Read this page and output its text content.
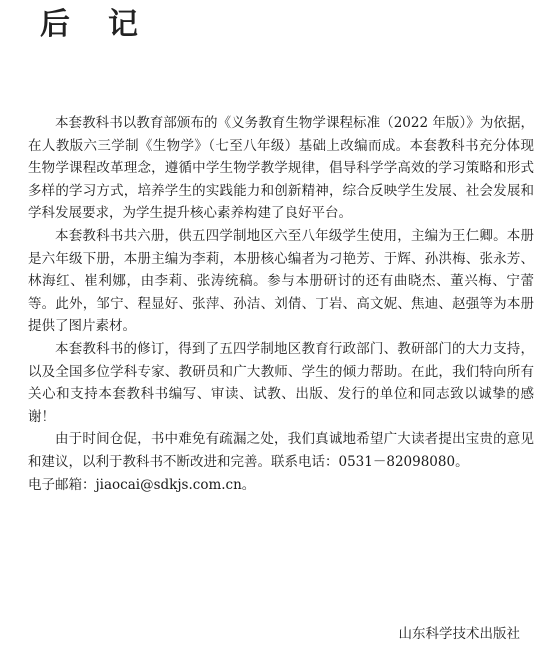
后记

本套教科书以教育部颁布的《义务教育生物学课程标准（2022 年版）》为依据，在人教版六三学制《生物学》（七至八年级）基础上改编而成。本套教科书充分体现生物学课程改革理念，遵循中学生物学教学规律，倡导科学学高效的学习策略和形式多样的学习方式，培养学生的实践能力和创新精神，综合反映学生发展、社会发展和学科发展要求，为学生提升核心素养构建了良好平台。

本套教科书共六册，供五四学制地区六至八年级学生使用，主编为王仁卿。本册是六年级下册，本册主编为李莉，本册核心编者为刁艳芳、于辉、孙洪梅、张永芳、林海红、崔利娜，由李莉、张涛统稿。参与本册研讨的还有曲晓杰、董兴梅、宁蕾等。此外，邹宁、程显好、张萍、孙洁、刘倩、丁岩、高文妮、焦迪、赵强等为本册提供了图片素材。

本套教科书的修订，得到了五四学制地区教育行政部门、教研部门的大力支持，以及全国多位学科专家、教研员和广大教师、学生的倾力帮助。在此，我们特向所有关心和支持本套教科书编写、审读、试教、出版、发行的单位和同志致以诚挚的感谢！

由于时间仓促，书中难免有疏漏之处，我们真诚地希望广大读者提出宝贵的意见和建议，以利于教科书不断改进和完善。联系电话：0531－82098080。

电子邮箱：jiaocai@sdkjs.com.cn。

山东科学技术出版社
